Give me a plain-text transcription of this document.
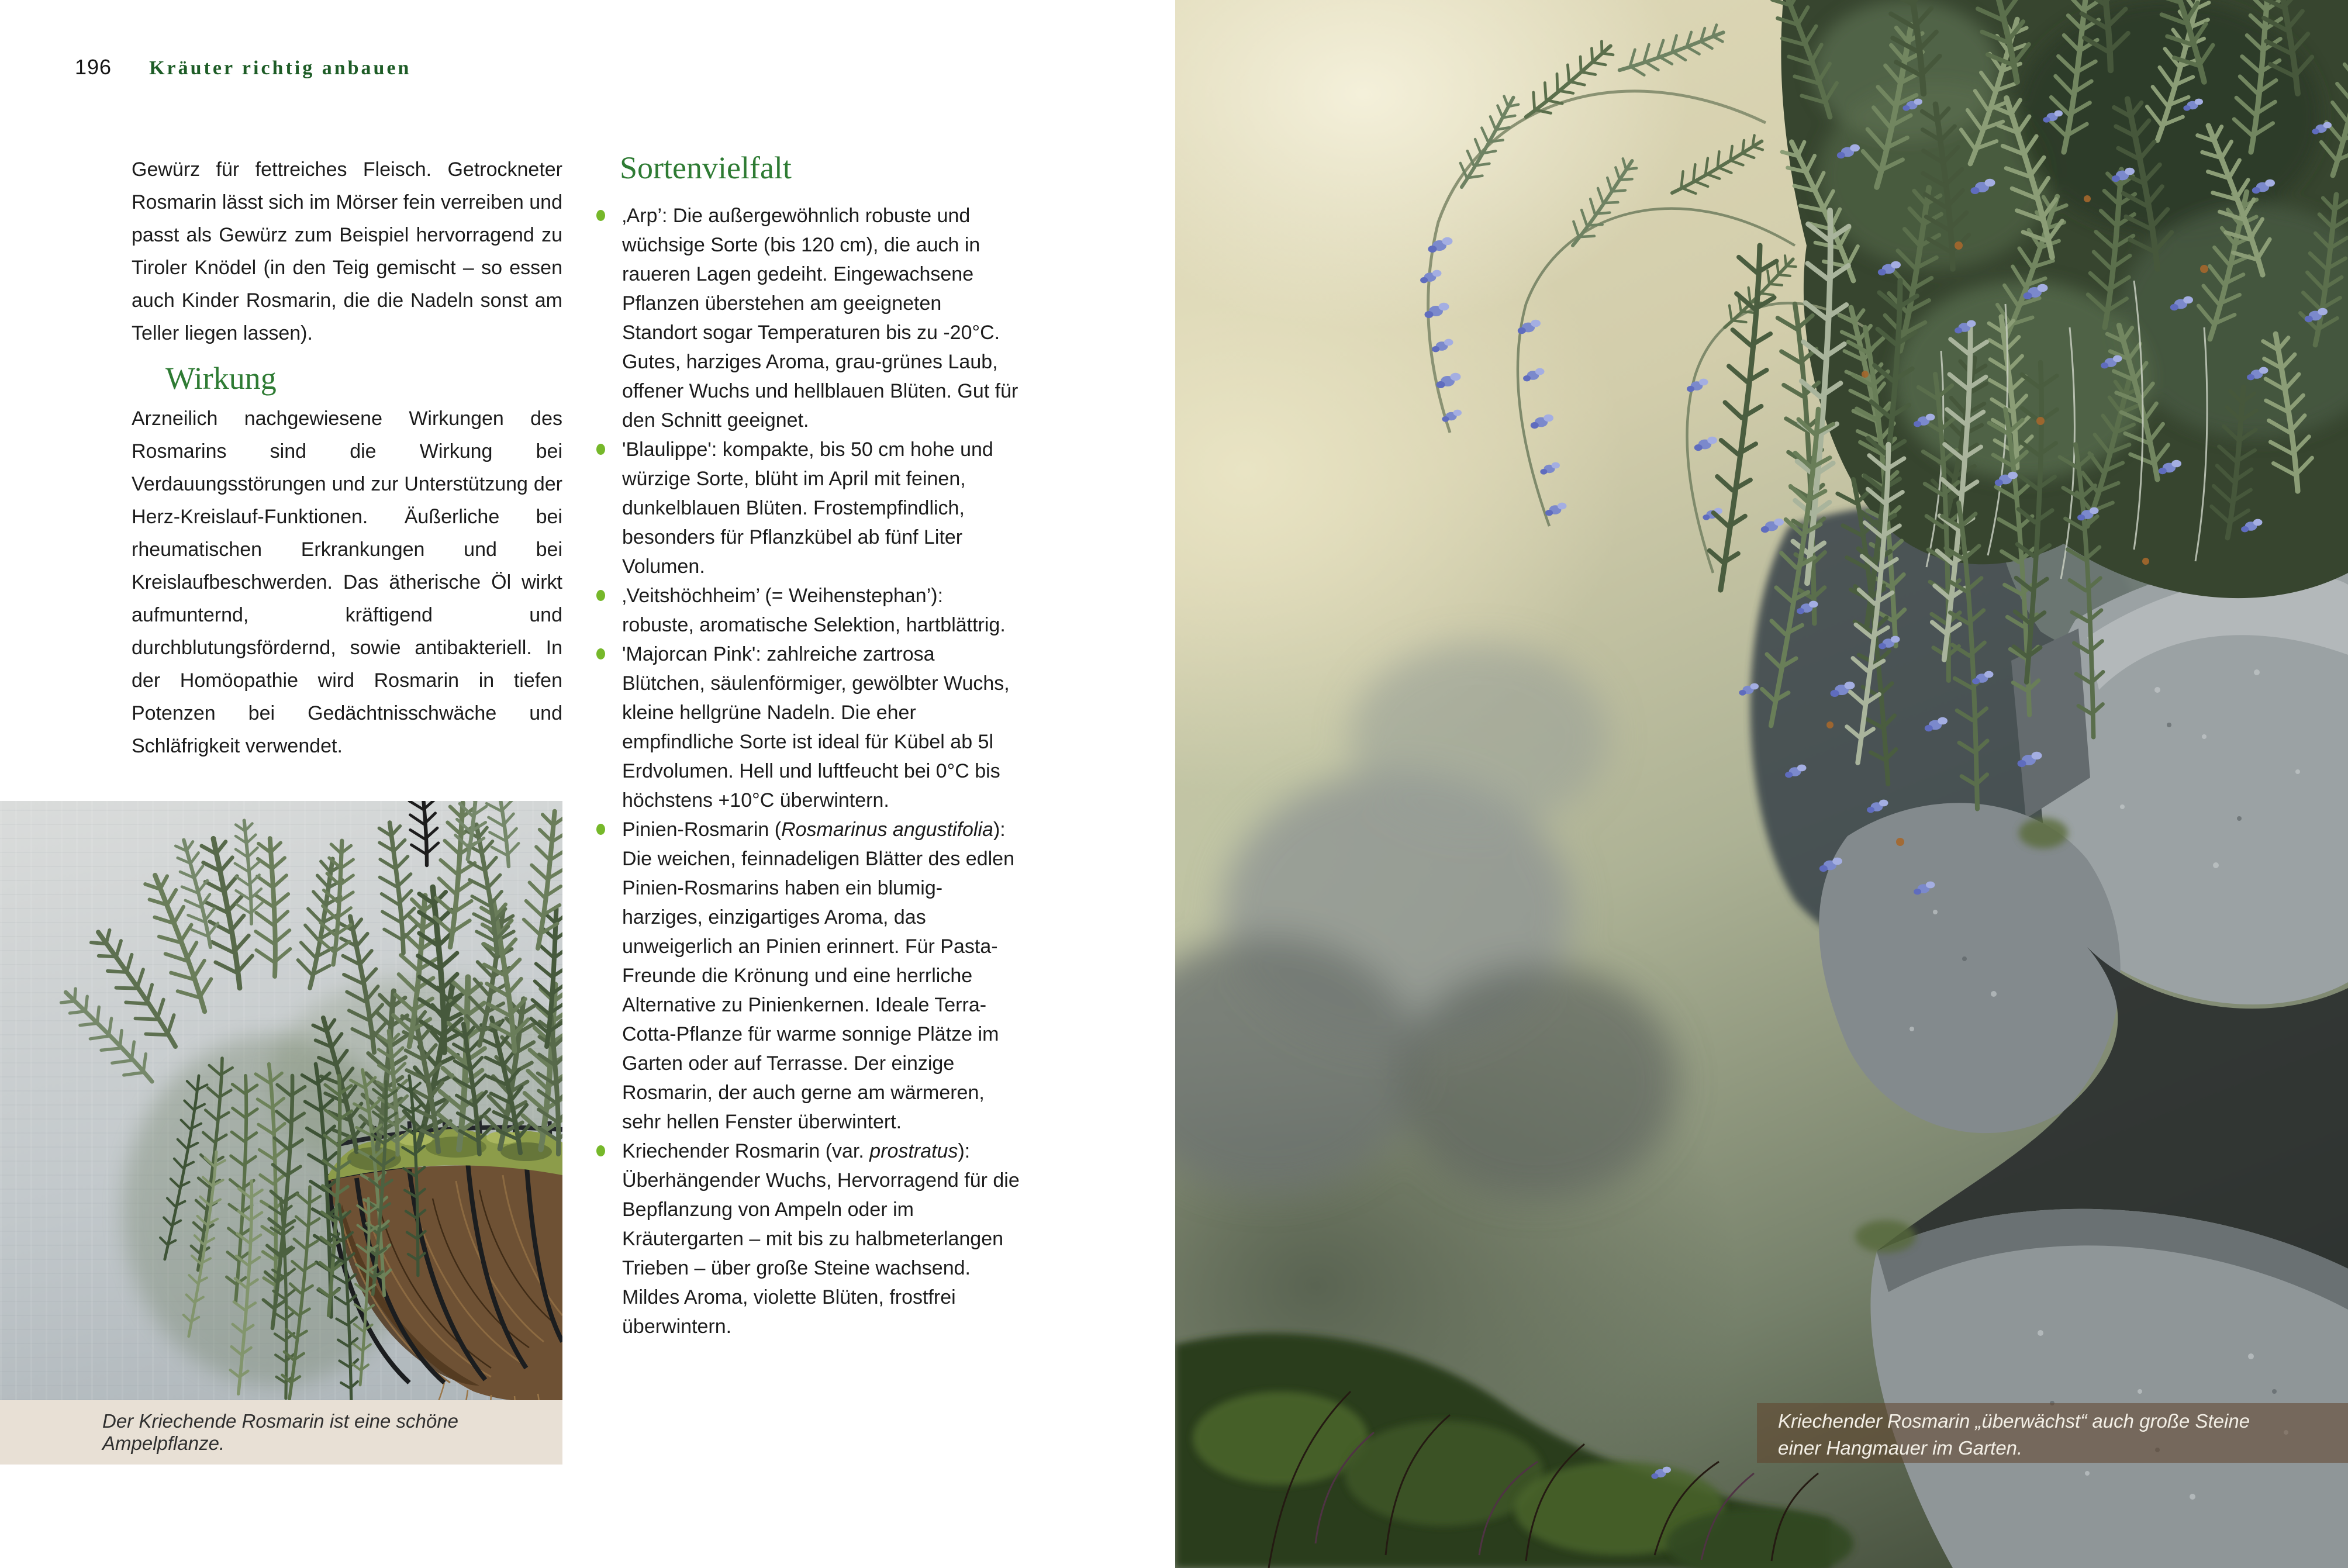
196 Kräuter richtig anbauen

Gewürz für fettreiches Fleisch. Getrockneter Rosmarin lässt sich im Mörser fein verreiben und passt als Gewürz zum Beispiel hervorragend zu Tiroler Knödel (in den Teig gemischt – so essen auch Kinder Rosmarin, die die Nadeln sonst am Teller liegen lassen).

Wirkung

Arzneilich nachgewiesene Wirkungen des Rosmarins sind die Wirkung bei Verdauungsstörungen und zur Unterstützung der Herz-Kreislauf-Funktionen. Äußerliche bei rheumatischen Erkrankungen und bei Kreislaufbeschwerden. Das ätherische Öl wirkt aufmunternd, kräftigend und durchblutungsfördernd, sowie antibakteriell. In der Homöopathie wird Rosmarin in tiefen Potenzen bei Gedächtnisschwäche und Schläfrigkeit verwendet.

Sortenvielfalt
‚Arp’: Die außergewöhnlich robuste und wüchsige Sorte (bis 120 cm), die auch in raueren Lagen gedeiht. Eingewachsene Pflanzen überstehen am geeigneten Standort sogar Temperaturen bis zu -20°C. Gutes, harziges Aroma, grau-grünes Laub, offener Wuchs und hellblauen Blüten. Gut für den Schnitt geeignet.
'Blaulippe': kompakte, bis 50 cm hohe und würzige Sorte, blüht im April mit feinen, dunkelblauen Blüten. Frostempfindlich, besonders für Pflanzkübel ab fünf Liter Volumen.
‚Veitshöchheim’ (= Weihenstephan’): robuste, aromatische Selektion, hartblättrig.
'Majorcan Pink': zahlreiche zartrosa Blütchen, säulenförmiger, gewölbter Wuchs, kleine hellgrüne Nadeln. Die eher empfindliche Sorte ist ideal für Kübel ab 5l Erdvolumen. Hell und luftfeucht bei 0°C bis höchstens +10°C überwintern.
Pinien-Rosmarin (Rosmarinus angustifolia): Die weichen, feinnadeligen Blätter des edlen Pinien-Rosmarins haben ein blumig-harziges, einzigartiges Aroma, das unweigerlich an Pinien erinnert. Für Pasta-Freunde die Krönung und eine herrliche Alternative zu Pinienkernen. Ideale Terra-Cotta-Pflanze für warme sonnige Plätze im Garten oder auf Terrasse. Der einzige Rosmarin, der auch gerne am wärmeren, sehr hellen Fenster überwintert.
Kriechender Rosmarin (var. prostratus): Überhängender Wuchs, Hervorragend für die Bepflanzung von Ampeln oder im Kräutergarten – mit bis zu halbmeterlangen Trieben – über große Steine wachsend. Mildes Aroma, violette Blüten, frostfrei überwintern.

Der Kriechende Rosmarin ist eine schöne Ampelpflanze.

Kriechender Rosmarin „überwächst“ auch große Steine einer Hangmauer im Garten.
